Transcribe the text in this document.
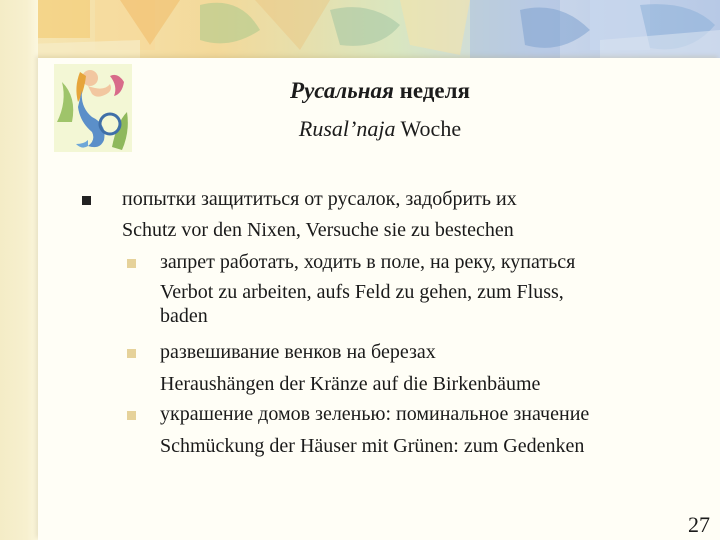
Русальная неделя
Rusal’naja Woche
попытки защититься от русалок, задобрить их
Schutz vor den Nixen, Versuche sie zu bestechen
запрет работать, ходить в поле, на реку, купаться
Verbot zu arbeiten, aufs Feld zu gehen, zum Fluss,
baden
развешивание венков на березах
Heraushängen der Kränze auf die Birkenbäume
украшение домов зеленью: поминальное значение
Schmückung der Häuser mit Grünen: zum Gedenken
27
